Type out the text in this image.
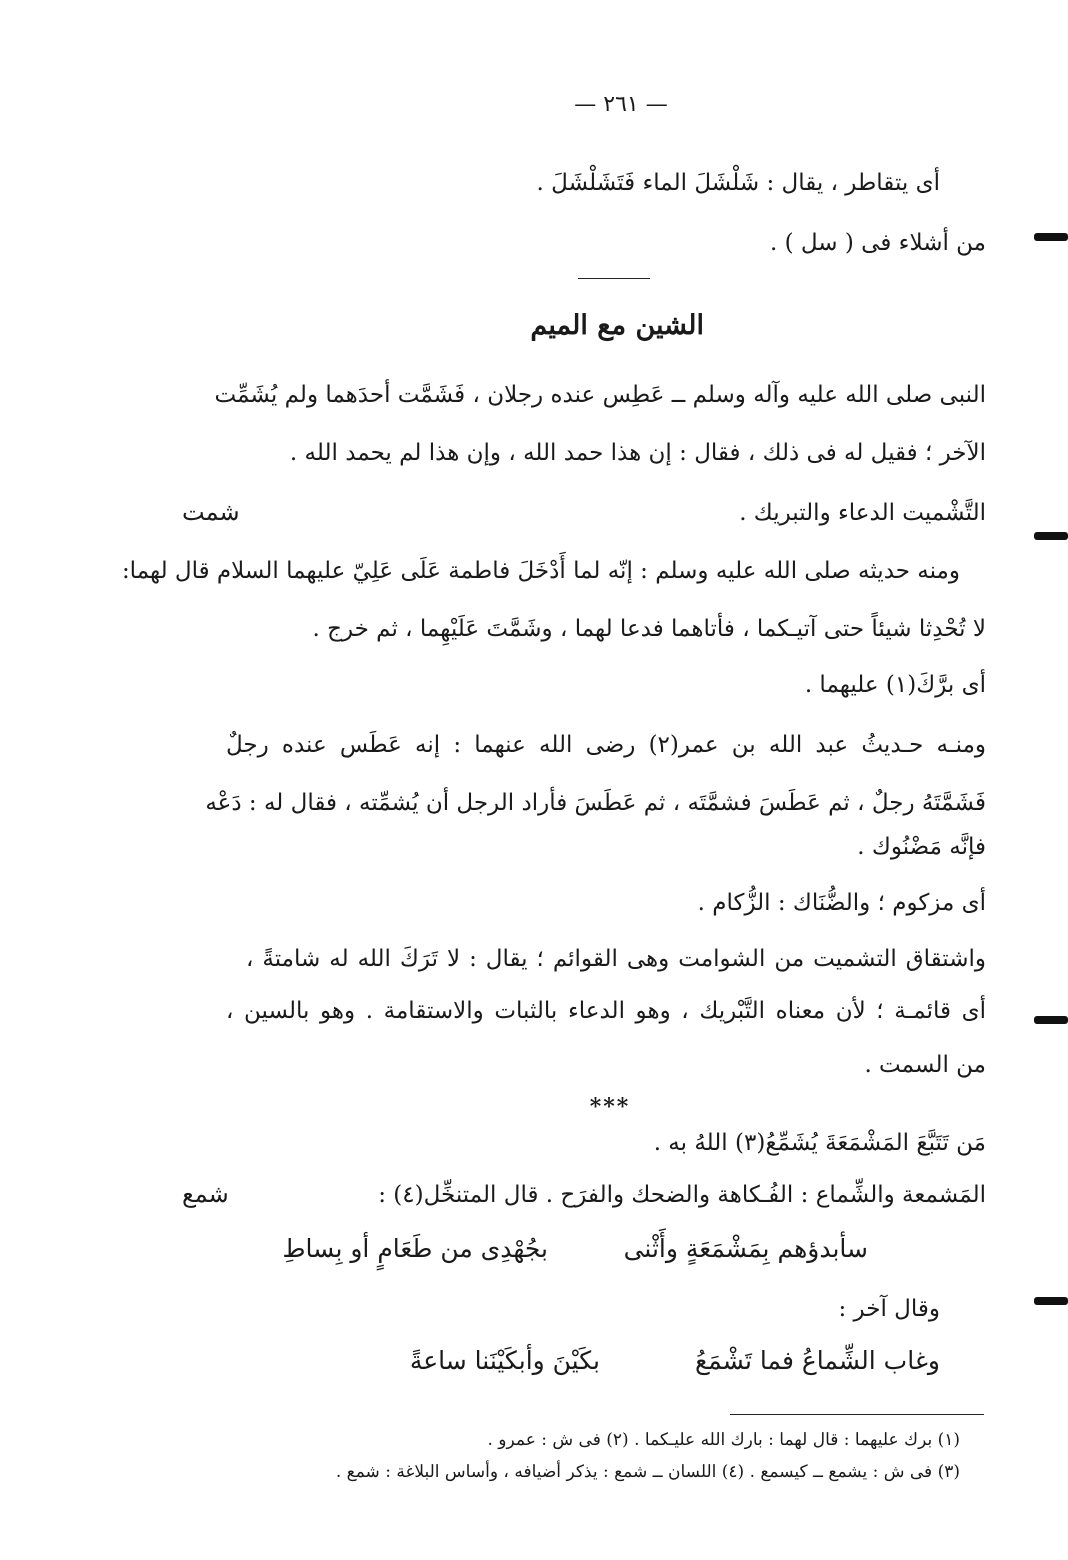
— ٢٦١ —
أى يتقاطر ، يقال : شَلْشَلَ الماء فَتَشَلْشَلَ .
من أشلاء فى ( سل ) .
الشين مع الميم
النبى صلى الله عليه وآله وسلم ــ عَطِس عنده رجلان ، فَشَمَّت أحدَهما ولم يُشَمِّت
الآخر ؛ فقيل له فى ذلك ، فقال : إن هذا حمد الله ، وإن هذا لم يحمد الله .
التَّشْميت الدعاء والتبريك .
ومنه حديثه صلى الله عليه وسلم : إنّه لما أَدْخَلَ فاطمة عَلَى عَلِيّ عليهما السلام قال لهما:
لا تُحْدِثا شيئاً حتى آتيـكما ، فأتاهما فدعا لهما ، وشَمَّتَ عَلَيْهِما ، ثم خرج .
أى برَّكَ(١) عليهما .
ومنـه حـديثُ عبد الله بن عمر(٢) رضى الله عنهما : إنه عَطَس عنده رجلٌ
فَشَمَّتَهُ رجلٌ ، ثم عَطَسَ فشمَّتَه ، ثم عَطَسَ فأراد الرجل أن يُشمِّته ، فقال له : دَعْه
فإنَّه مَضْنُوك .
أى مزكوم ؛ والضُّنَاك : الزُّكام .
واشتقاق التشميت من الشوامت وهى القوائم ؛ يقال : لا تَرَكَ الله له شامتةً ،
أى قائمـة ؛ لأن معناه التَّبْريك ، وهو الدعاء بالثبات والاستقامة . وهو بالسين ،
من السمت .
شمت
***
مَن تَتَبَّعَ المَشْمَعَةَ يُشَمِّعُ(٣) اللهُ به .
المَشمعة والشِّماع : الفُـكاهة والضحك والفرَح . قال المتنخِّل(٤) :
شمع
سأبدؤهم بِمَشْمَعَةٍ وأَثْنى
بجُهْدِى من طَعَامٍ أو بِساطِ
وقال آخر :
بكَيْنَ وأبكَيْنَنا ساعةً	وغاب الشِّماعُ فما تَشْمَعُ
(١) برك عليهما : قال لهما : بارك الله عليـكما . (٢) فى ش : عمرو .
(٣) فى ش : يشمع ــ كيسمع . (٤) اللسان ــ شمع : يذكر أضيافه ، وأساس البلاغة : شمع .
